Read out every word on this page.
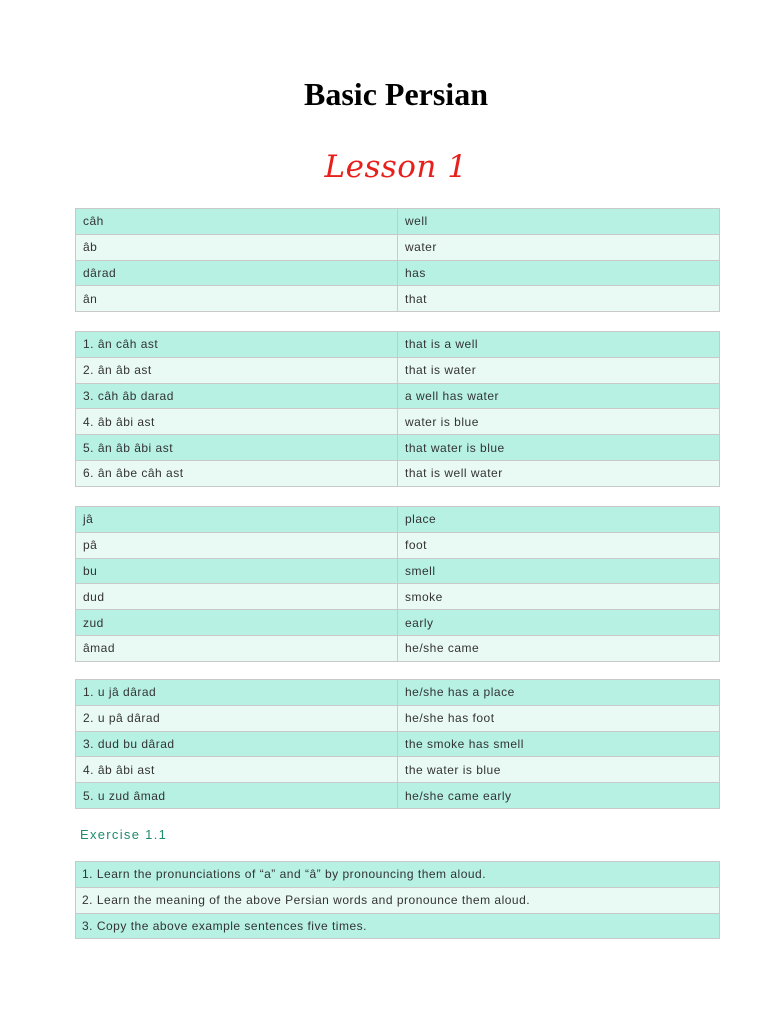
Basic Persian
Lesson 1
câh	well
âb	water
dârad	has
ân	that
1. ân câh ast	that is a well
2. ân âb ast	that is water
3. câh âb darad	a well has water
4. âb âbi ast	water is blue
5. ân âb âbi ast	that water is blue
6. ân âbe câh ast	that is well water
jâ	place
pâ	foot
bu	smell
dud	smoke
zud	early
âmad	he/she came
1. u jâ dârad	he/she has a place
2. u pâ dârad	he/she has foot
3. dud bu dârad	the smoke has smell
4. âb âbi ast	the water is blue
5. u zud âmad	he/she came early
Exercise 1.1
1. Learn the pronunciations of “a” and “â” by pronouncing them aloud.
2. Learn the meaning of the above Persian words and pronounce them aloud.
3. Copy the above example sentences five times.
